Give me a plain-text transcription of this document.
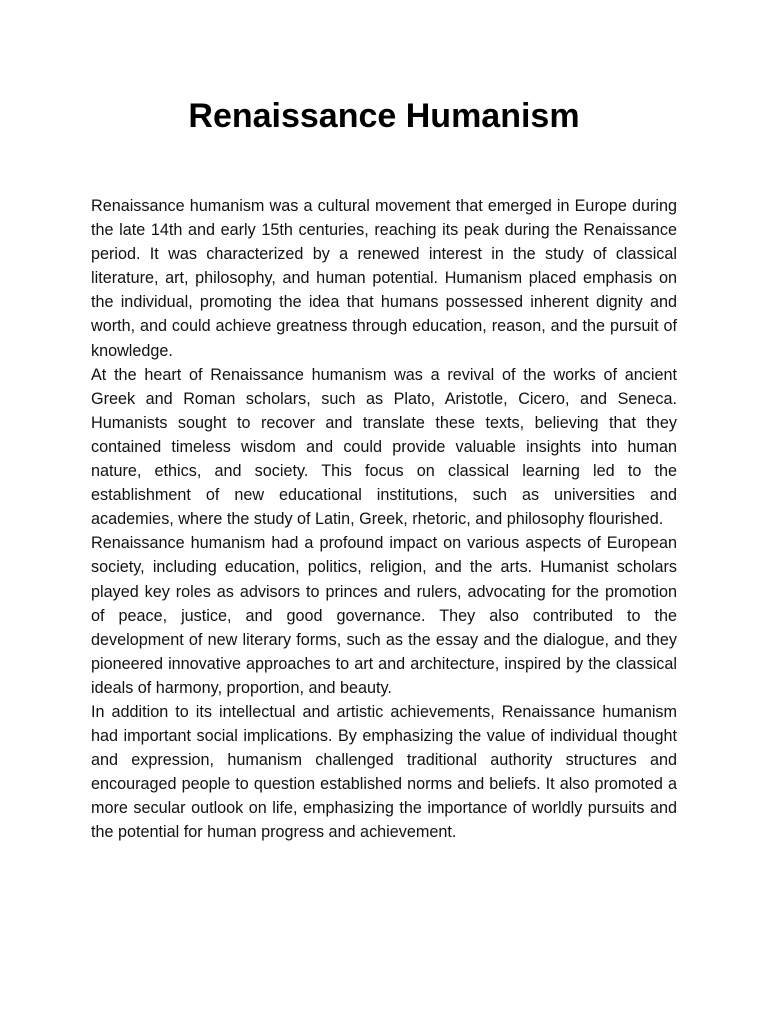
Renaissance Humanism

Renaissance humanism was a cultural movement that emerged in Europe during the late 14th and early 15th centuries, reaching its peak during the Renaissance period. It was characterized by a renewed interest in the study of classical literature, art, philosophy, and human potential. Humanism placed emphasis on the individual, promoting the idea that humans possessed inherent dignity and worth, and could achieve greatness through education, reason, and the pursuit of knowledge.

At the heart of Renaissance humanism was a revival of the works of ancient Greek and Roman scholars, such as Plato, Aristotle, Cicero, and Seneca. Humanists sought to recover and translate these texts, believing that they contained timeless wisdom and could provide valuable insights into human nature, ethics, and society. This focus on classical learning led to the establishment of new educational institutions, such as universities and academies, where the study of Latin, Greek, rhetoric, and philosophy flourished.

Renaissance humanism had a profound impact on various aspects of European society, including education, politics, religion, and the arts. Humanist scholars played key roles as advisors to princes and rulers, advocating for the promotion of peace, justice, and good governance. They also contributed to the development of new literary forms, such as the essay and the dialogue, and they pioneered innovative approaches to art and architecture, inspired by the classical ideals of harmony, proportion, and beauty.

In addition to its intellectual and artistic achievements, Renaissance humanism had important social implications. By emphasizing the value of individual thought and expression, humanism challenged traditional authority structures and encouraged people to question established norms and beliefs. It also promoted a more secular outlook on life, emphasizing the importance of worldly pursuits and the potential for human progress and achievement.
